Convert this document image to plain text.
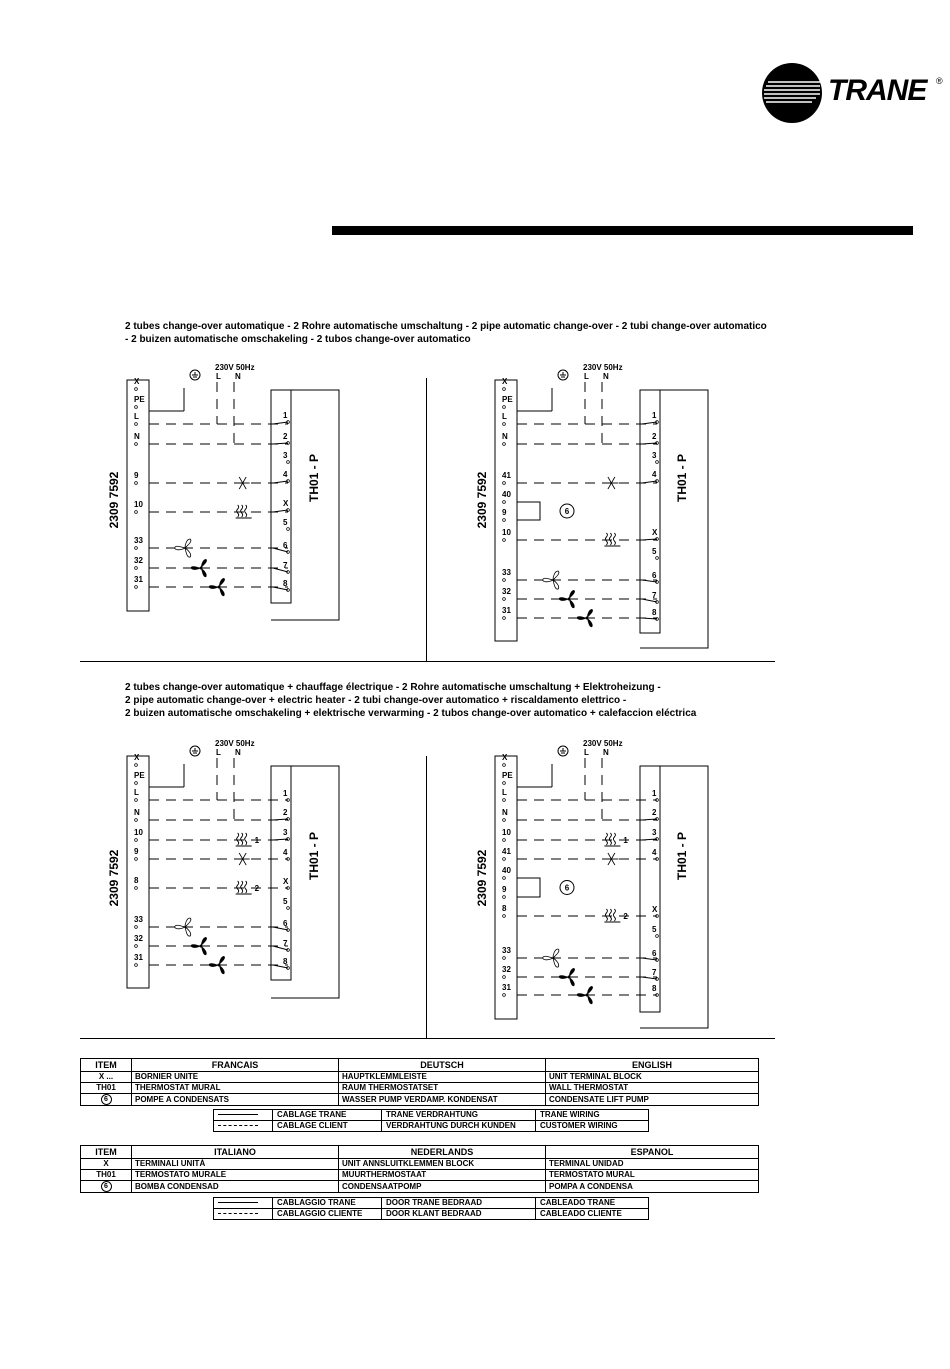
TRANE ®
2 tubes change-over automatique - 2 Rohre automatische umschaltung - 2 pipe automatic change-over - 2 tubi change-over automatico
- 2 buizen automatische omschakeling - 2 tubos change-over automatico
2 tubes change-over automatique + chauffage électrique - 2 Rohre automatische umschaltung + Elektroheizung -
2 pipe automatic change-over + electric heater - 2 tubi change-over automatico + riscaldamento elettrico -
2 buizen automatische omschakeling + elektrische verwarming - 2 tubos change-over automatico + calefaccion eléctrica
230V 50Hz
L N
2309 7592	TH01 - P
X
PE
L
N
9
10
33
32
31
1
2
3
4
X
5
6
7
8
230V 50Hz
L N
2309 7592	TH01 - P
X
PE
L
N
41
40
9
10
33
32
31
1
2
3
4
X
5
6
7
8
6
230V 50Hz
L N
2309 7592	TH01 - P
X
PE
L
N
10
9
8
33
32
31
1
2
3
4
X
5
6
7
8
1
2
230V 50Hz
L N
2309 7592	TH01 - P
X
PE
L
N
10
41
40
9
8
33
32
31
1
2
3
4
X
5
6
7
8
1
2
6
ITEM	FRANCAIS	DEUTSCH	ENGLISH
X ...	BORNIER UNITE	HAUPTKLEMMLEISTE	UNIT TERMINAL BLOCK
TH01	THERMOSTAT MURAL	RAUM THERMOSTATSET	WALL THERMOSTAT
6	POMPE A CONDENSATS	WASSER PUMP VERDAMP. KONDENSAT	CONDENSATE LIFT PUMP
	CABLAGE TRANE	TRANE VERDRAHTUNG	TRANE WIRING
	CABLAGE CLIENT	VERDRAHTUNG DURCH KUNDEN	CUSTOMER WIRING
ITEM	ITALIANO	NEDERLANDS	ESPANOL
X	TERMINALI UNITÀ	UNIT ANNSLUITKLEMMEN BLOCK	TERMINAL UNIDAD
TH01	TERMOSTATO MURALE	MUURTHERMOSTAAT	TERMOSTATO MURAL
6	BOMBA CONDENSAD	CONDENSAATPOMP	POMPA A CONDENSA
	CABLAGGIO TRANE	DOOR TRANE BEDRAAD	CABLEADO TRANE
	CABLAGGIO CLIENTE	DOOR KLANT BEDRAAD	CABLEADO CLIENTE
